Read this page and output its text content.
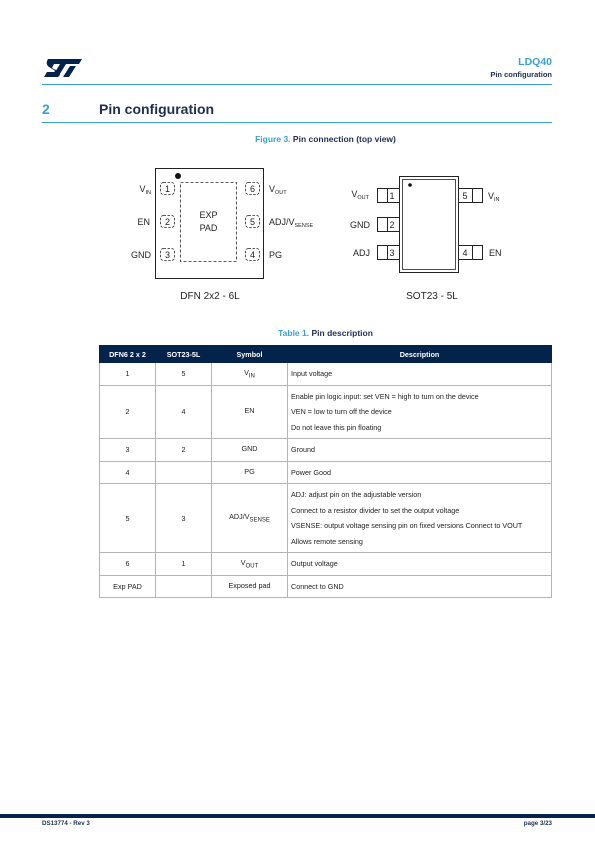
LDQ40
Pin configuration
2	Pin configuration
Figure 3. Pin connection (top view)
EXP
PAD
1
2
3
6
5
4
$V_{IN}$
EN
GND
$V_{OUT}$
ADJ/$V_{SENSE}$
PG
DFN 2x2 - 6L
1
2
3
5
4
$V_{OUT}$
GND
ADJ
$V_{IN}$
EN
SOT23 - 5L
Table 1. Pin description
DFN6 2 x 2	SOT23-5L	Symbol	Description
1	5	$V_{IN}$	Input voltage

2	4	EN	Enable pin logic input: set VEN = high to turn on the device
VEN = low to turn off the device
Do not leave this pin floating

3	2	GND	Ground

4		PG	Power Good

5	3	ADJ/$V_{SENSE}$	ADJ: adjust pin on the adjustable version
Connect to a resistor divider to set the output voltage
VSENSE: output voltage sensing pin on fixed versions Connect to VOUT
Allows remote sensing

6	1	$V_{OUT}$	Output voltage

Exp PAD		Exposed pad	Connect to GND
DS13774 - Rev 3	page 3/23
